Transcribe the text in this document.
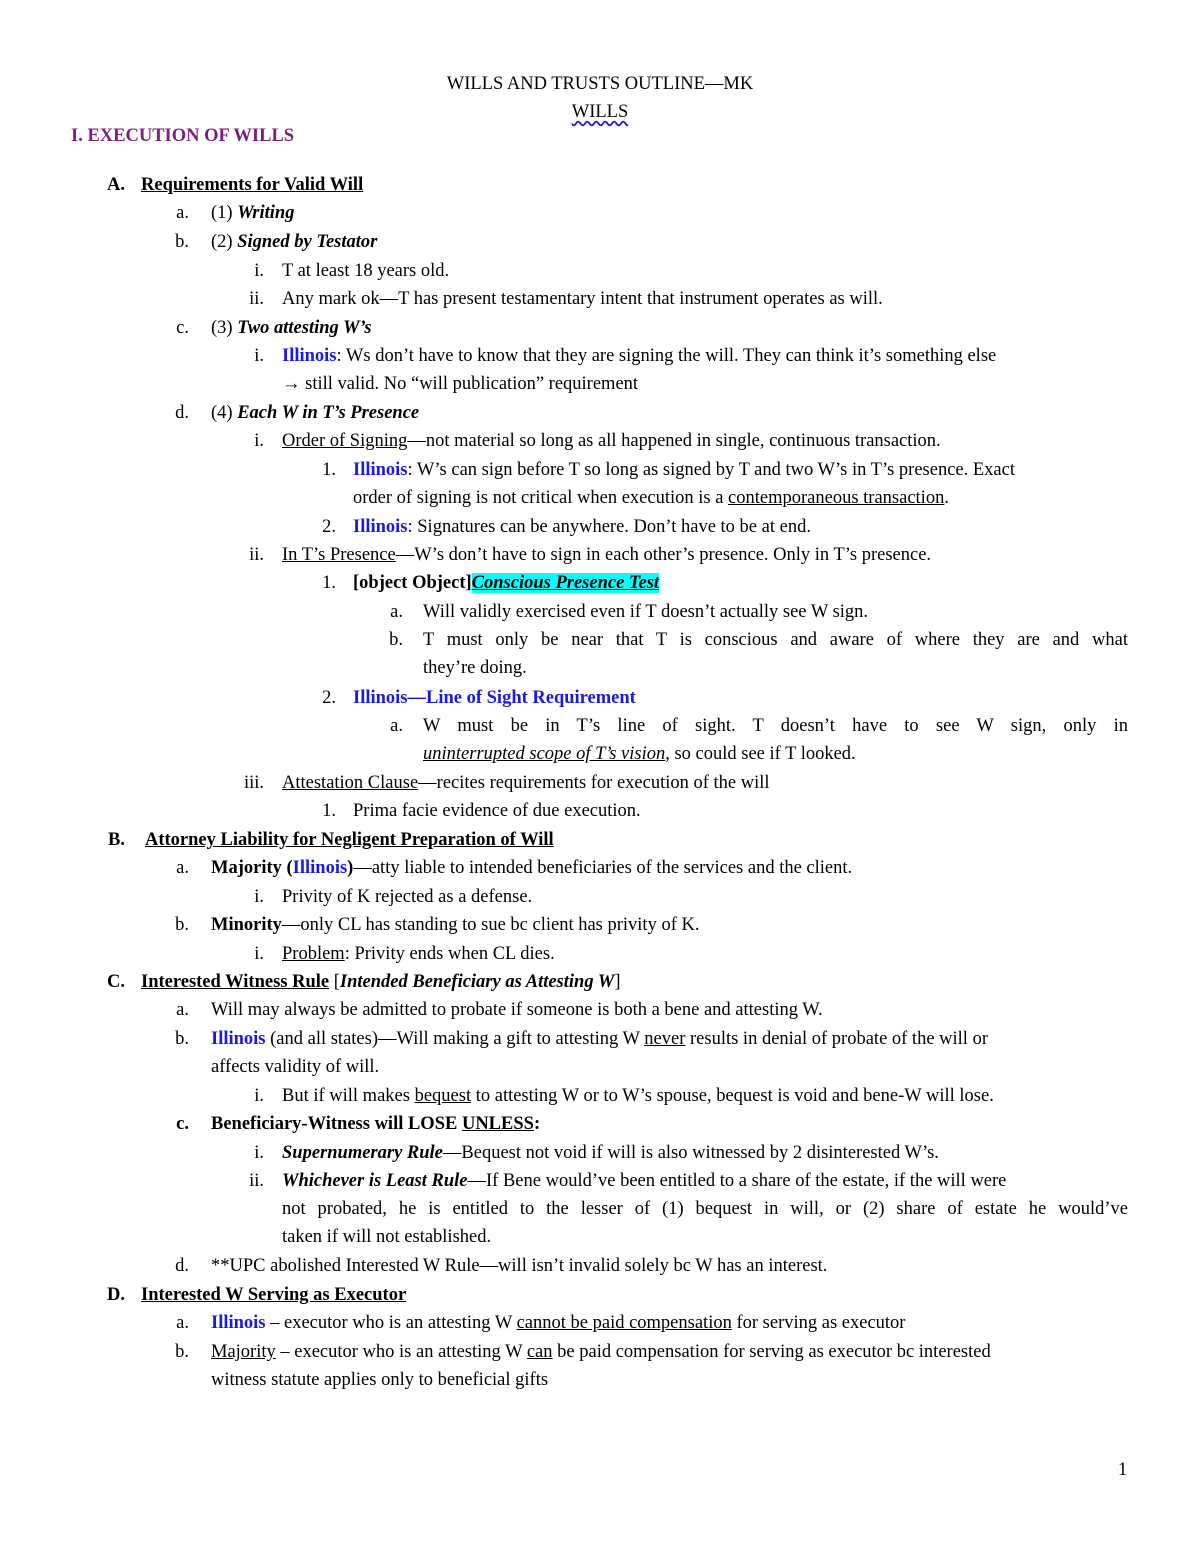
WILLS AND TRUSTS OUTLINE—MK
WILLS
I. EXECUTION OF WILLS
A. Requirements for Valid Will
a. (1) Writing
b. (2) Signed by Testator
i. T at least 18 years old.
ii. Any mark ok—T has present testamentary intent that instrument operates as will.
c. (3) Two attesting W’s
i. Illinois: Ws don’t have to know that they are signing the will. They can think it’s something else
→ still valid. No “will publication” requirement
d. (4) Each W in T’s Presence
i. Order of Signing—not material so long as all happened in single, continuous transaction.
1. Illinois: W’s can sign before T so long as signed by T and two W’s in T’s presence. Exact
order of signing is not critical when execution is a contemporaneous transaction.
2. Illinois: Signatures can be anywhere. Don’t have to be at end.
ii. In T’s Presence—W’s don’t have to sign in each other’s presence. Only in T’s presence.
1. [object Object]Conscious Presence Test
a. Will validly exercised even if T doesn’t actually see W sign.
b. T must only be near that T is conscious and aware of where they are and what
they’re doing.
2. Illinois—Line of Sight Requirement
a. W must be in T’s line of sight. T doesn’t have to see W sign, only in
uninterrupted scope of T’s vision, so could see if T looked.
iii. Attestation Clause—recites requirements for execution of the will
1. Prima facie evidence of due execution.
B. Attorney Liability for Negligent Preparation of Will
a. Majority (Illinois)—atty liable to intended beneficiaries of the services and the client.
i. Privity of K rejected as a defense.
b. Minority—only CL has standing to sue bc client has privity of K.
i. Problem: Privity ends when CL dies.
C. Interested Witness Rule [Intended Beneficiary as Attesting W]
a. Will may always be admitted to probate if someone is both a bene and attesting W.
b. Illinois (and all states)—Will making a gift to attesting W never results in denial of probate of the will or
affects validity of will.
i. But if will makes bequest to attesting W or to W’s spouse, bequest is void and bene-W will lose.
c. Beneficiary-Witness will LOSE UNLESS:
i. Supernumerary Rule—Bequest not void if will is also witnessed by 2 disinterested W’s.
ii. Whichever is Least Rule—If Bene would’ve been entitled to a share of the estate, if the will were
not probated, he is entitled to the lesser of (1) bequest in will, or (2) share of estate he would’ve
taken if will not established.
d. **UPC abolished Interested W Rule—will isn’t invalid solely bc W has an interest.
D. Interested W Serving as Executor
a. Illinois – executor who is an attesting W cannot be paid compensation for serving as executor
b. Majority – executor who is an attesting W can be paid compensation for serving as executor bc interested
witness statute applies only to beneficial gifts
1
